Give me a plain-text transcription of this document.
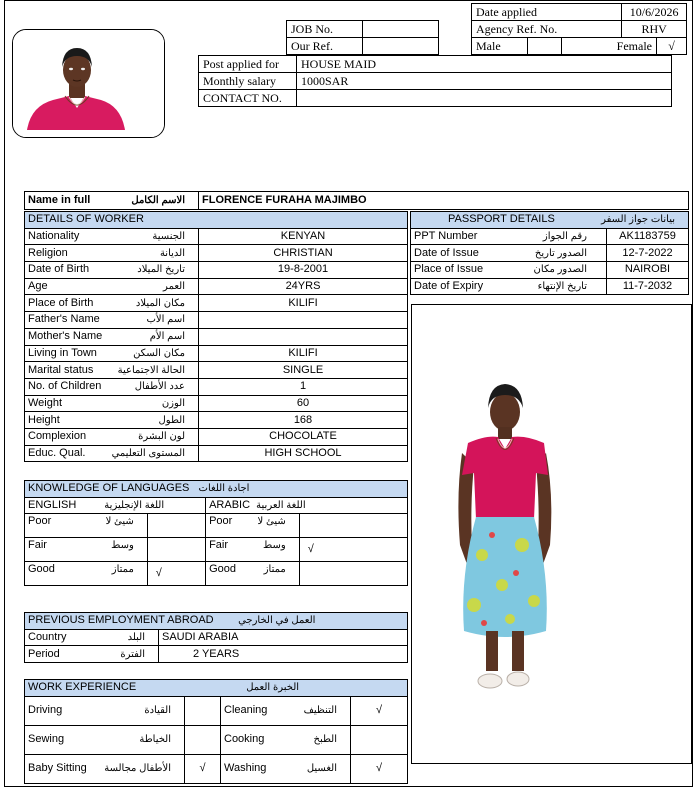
JOB No.	
Our Ref.	
Date applied			10/6/2026	
Agency Ref. No.			RHV	
Male		Female		√
Post applied for	HOUSE MAID
Monthly salary	1000SAR
CONTACT NO.	
Name in full	الاسم الكامل	FLORENCE FURAHA MAJIMBO
DETAILS OF WORKER	
Nationality الجنسية	KENYAN
Religion الديانة	CHRISTIAN
Date of Birth تاريخ الميلاد	19-8-2001
Age العمر	24YRS
Place of Birth مكان الميلاد	KILIFI
Father's Name اسم الأب	

Mother's Name اسم الأم	

Living in Town مكان السكن	KILIFI
Marital status الحالة الاجتماعية	SINGLE
No. of Children عدد الأطفال	1
Weight الوزن	60
Height الطول	168
Complexion لون البشرة	CHOCOLATE
Educ. Qual. المستوى التعليمي	HIGH SCHOOL
PASSPORT DETAILS بيانات جواز السفر	

PPT Number رقم الجواز	AK1183759
Date of Issue الصدور تاريخ	12-7-2022
Place of Issue الصدور مكان	NAIROBI
Date of Expiry تاريخ الإنتهاء	11-7-2032
KNOWLEDGE OF LANGUAGES اجادة اللغات			
ENGLISH اللغة الإنجليزية		ARABIC اللغة العربية	
Poor شيئ لا		Poor شيئ لا	

Fair وسط		Fair وسط	√
Good ممتاز	√	Good ممتاز	

PREVIOUS EMPLOYMENT ABROAD العمل في الخارجي	
Country البلد	SAUDI ARABIA
Period الفترة	2 YEARS
WORK EXPERIENCE الخبرة العمل			
Driving القيادة		Cleaning التنظيف	√
Sewing الخياطة		Cooking الطبخ	

Baby Sitting الأطفال مجالسة	√	Washing الغسيل	√
